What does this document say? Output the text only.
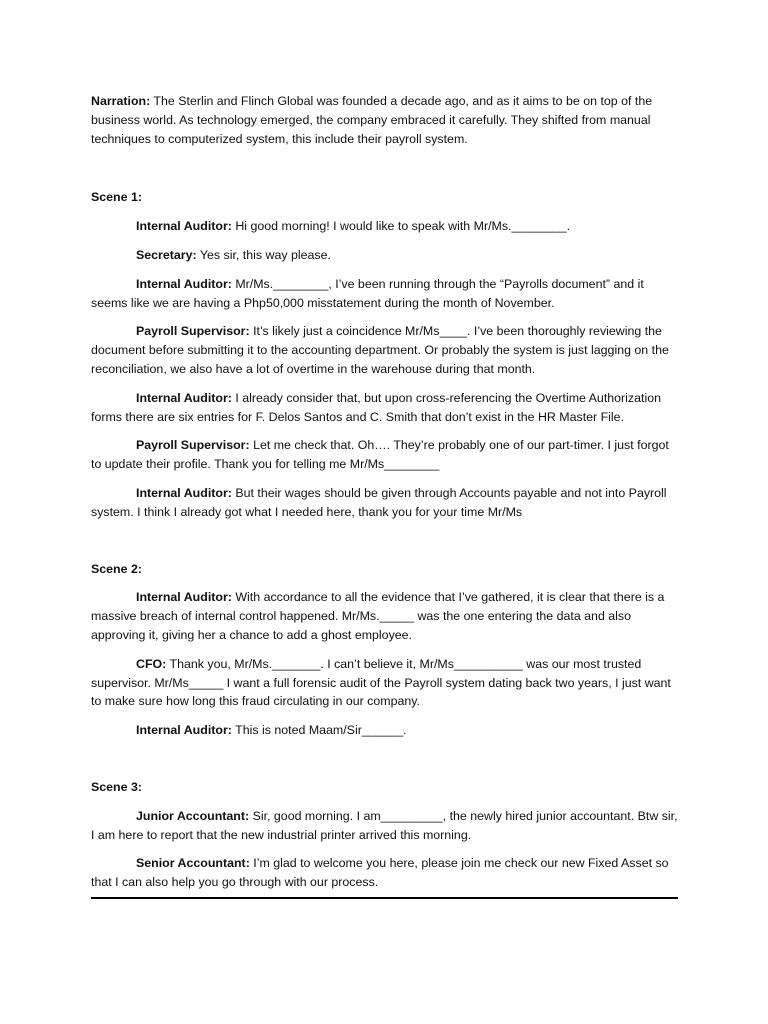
Narration: The Sterlin and Flinch Global was founded a decade ago, and as it aims to be on top of the business world. As technology emerged, the company embraced it carefully. They shifted from manual techniques to computerized system, this include their payroll system.

Scene 1:

Internal Auditor: Hi good morning! I would like to speak with Mr/Ms.________.

Secretary: Yes sir, this way please.

Internal Auditor: Mr/Ms.________, I’ve been running through the “Payrolls document” and it seems like we are having a Php50,000 misstatement during the month of November.

Payroll Supervisor: It’s likely just a coincidence Mr/Ms____. I’ve been thoroughly reviewing the document before submitting it to the accounting department. Or probably the system is just lagging on the reconciliation, we also have a lot of overtime in the warehouse during that month.

Internal Auditor: I already consider that, but upon cross-referencing the Overtime Authorization forms there are six entries for F. Delos Santos and C. Smith that don’t exist in the HR Master File.

Payroll Supervisor: Let me check that. Oh…. They’re probably one of our part-timer. I just forgot to update their profile. Thank you for telling me Mr/Ms________

Internal Auditor: But their wages should be given through Accounts payable and not into Payroll system. I think I already got what I needed here, thank you for your time Mr/Ms

Scene 2:

Internal Auditor: With accordance to all the evidence that I’ve gathered, it is clear that there is a massive breach of internal control happened. Mr/Ms._____ was the one entering the data and also approving it, giving her a chance to add a ghost employee.

CFO: Thank you, Mr/Ms._______. I can’t believe it, Mr/Ms__________ was our most trusted supervisor. Mr/Ms_____ I want a full forensic audit of the Payroll system dating back two years, I just want to make sure how long this fraud circulating in our company.

Internal Auditor: This is noted Maam/Sir______.

Scene 3:

Junior Accountant: Sir, good morning. I am_________, the newly hired junior accountant. Btw sir, I am here to report that the new industrial printer arrived this morning.

Senior Accountant: I’m glad to welcome you here, please join me check our new Fixed Asset so that I can also help you go through with our process.
